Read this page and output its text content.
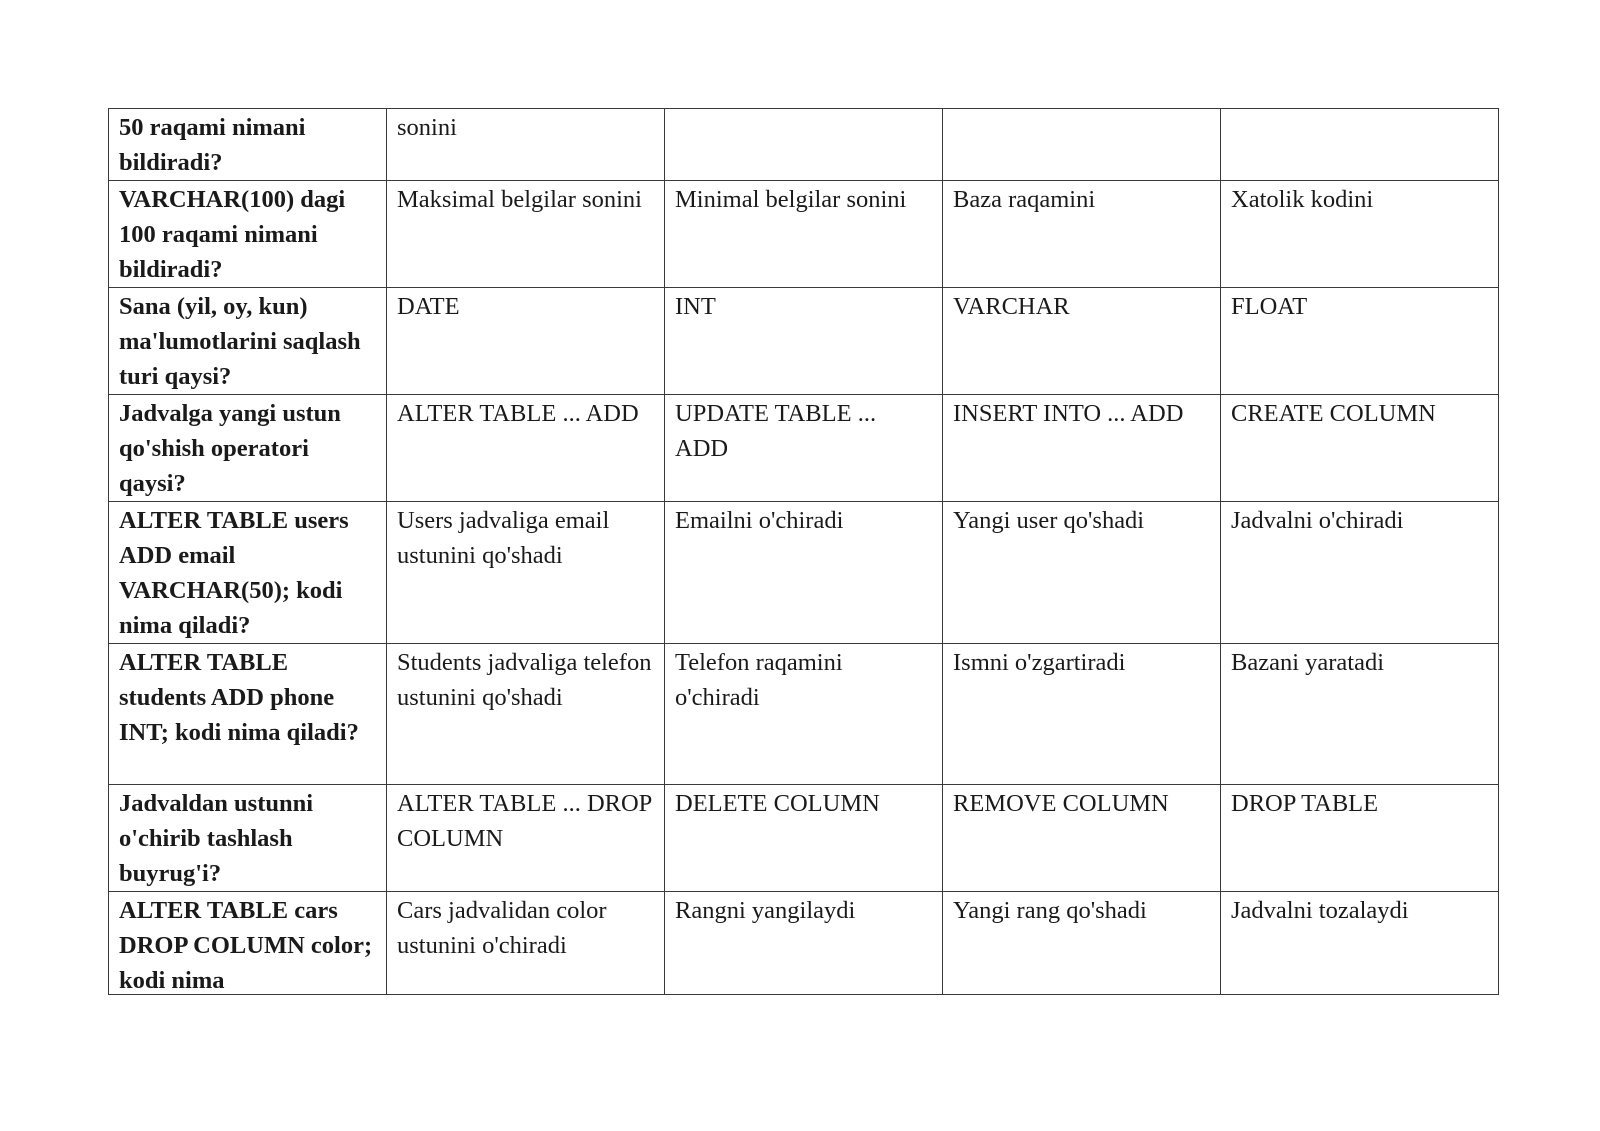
50 raqami nimani bildiradi?	sonini			

VARCHAR(100) dagi 100 raqami nimani bildiradi?	Maksimal belgilar sonini	Minimal belgilar sonini	Baza raqamini	Xatolik kodini

Sana (yil, oy, kun) ma'lumotlarini saqlash turi qaysi?	DATE	INT	VARCHAR	FLOAT

Jadvalga yangi ustun qo'shish operatori qaysi?	ALTER TABLE ... ADD	UPDATE TABLE ... ADD	INSERT INTO ... ADD	CREATE COLUMN

ALTER TABLE users ADD email VARCHAR(50); kodi nima qiladi?	Users jadvaliga email ustunini qo'shadi	Emailni o'chiradi	Yangi user qo'shadi	Jadvalni o'chiradi

ALTER TABLE students ADD phone INT; kodi nima qiladi?	Students jadvaliga telefon ustunini qo'shadi	Telefon raqamini o'chiradi	Ismni o'zgartiradi	Bazani yaratadi

Jadvaldan ustunni o'chirib tashlash buyrug'i?	ALTER TABLE ... DROP COLUMN	DELETE COLUMN	REMOVE COLUMN	DROP TABLE

ALTER TABLE cars DROP COLUMN color; kodi nima	Cars jadvalidan color ustunini o'chiradi	Rangni yangilaydi	Yangi rang qo'shadi	Jadvalni tozalaydi
